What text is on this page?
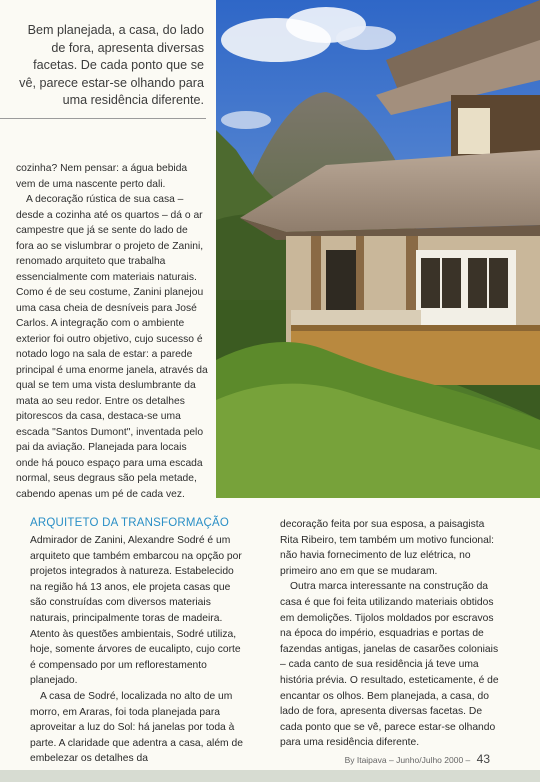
Bem planejada, a casa, do lado de fora, apresenta diversas facetas. De cada ponto que se vê, parece estar-se olhando para uma residência diferente.

cozinha? Nem pensar: a água bebida vem de uma nascente perto dali.

A decoração rústica de sua casa – desde a cozinha até os quartos – dá o ar campestre que já se sente do lado de fora ao se vislumbrar o projeto de Zanini, renomado arquiteto que trabalha essencialmente com materiais naturais. Como é de seu costume, Zanini planejou uma casa cheia de desníveis para José Carlos. A integração com o ambiente exterior foi outro objetivo, cujo sucesso é notado logo na sala de estar: a parede principal é uma enorme janela, através da qual se tem uma vista deslumbrante da mata ao seu redor. Entre os detalhes pitorescos da casa, destaca-se uma escada "Santos Dumont", inventada pelo pai da aviação. Planejada para locais onde há pouco espaço para uma escada normal, seus degraus são pela metade, cabendo apenas um pé de cada vez.

ARQUITETO DA TRANSFORMAÇÃO

Admirador de Zanini, Alexandre Sodré é um arquiteto que também embarcou na opção por projetos integrados à natureza. Estabelecido na região há 13 anos, ele projeta casas que são construídas com diversos materiais naturais, principalmente toras de madeira. Atento às questões ambientais, Sodré utiliza, hoje, somente árvores de eucalipto, cujo corte é compensado por um reflorestamento planejado.

A casa de Sodré, localizada no alto de um morro, em Araras, foi toda planejada para aproveitar a luz do Sol: há janelas por toda à parte. A claridade que adentra a casa, além de embelezar os detalhes da

decoração feita por sua esposa, a paisagista Rita Ribeiro, tem também um motivo funcional: não havia fornecimento de luz elétrica, no primeiro ano em que se mudaram.

Outra marca interessante na construção da casa é que foi feita utilizando materiais obtidos em demolições. Tijolos moldados por escravos na época do império, esquadrias e portas de fazendas antigas, janelas de casarões coloniais – cada canto de sua residência já teve uma história prévia. O resultado, esteticamente, é de encantar os olhos. Bem planejada, a casa, do lado de fora, apresenta diversas facetas. De cada ponto que se vê, parece estar-se olhando para uma residência diferente.

By Itaipava – Junho/Julho 2000 – 43
